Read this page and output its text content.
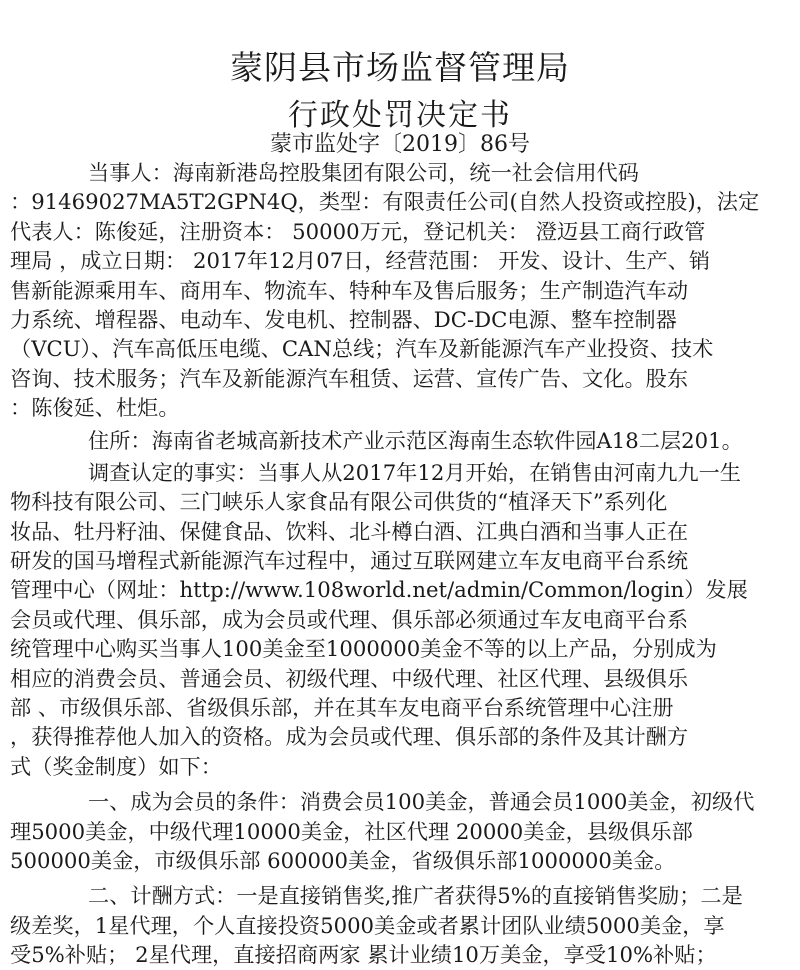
蒙阴县市场监督管理局
行政处罚决定书
蒙市监处字〔2019〕86号
当事人：海南新港岛控股集团有限公司，统一社会信用代码
：91469027MA5T2GPN4Q，类型：有限责任公司(自然人投资或控股)，法定
代表人：陈俊延，注册资本： 50000万元，登记机关： 澄迈县工商行政管
理局 ，成立日期： 2017年12月07日，经营范围： 开发、设计、生产、销
售新能源乘用车、商用车、物流车、特种车及售后服务；生产制造汽车动
力系统、增程器、电动车、发电机、控制器、DC-DC电源、整车控制器
（VCU）、汽车高低压电缆、CAN总线；汽车及新能源汽车产业投资、技术
咨询、技术服务；汽车及新能源汽车租赁、运营、宣传广告、文化。股东
：陈俊延、杜炬。
住所：海南省老城高新技术产业示范区海南生态软件园A18二层201。
调查认定的事实：当事人从2017年12月开始，在销售由河南九九一生
物科技有限公司、三门峡乐人家食品有限公司供货的“植泽天下”系列化
妆品、牡丹籽油、保健食品、饮料、北斗樽白酒、江典白酒和当事人正在
研发的国马增程式新能源汽车过程中，通过互联网建立车友电商平台系统
管理中心（网址：http://www.108world.net/admin/Common/login）发展
会员或代理、俱乐部，成为会员或代理、俱乐部必须通过车友电商平台系
统管理中心购买当事人100美金至1000000美金不等的以上产品，分别成为
相应的消费会员、普通会员、初级代理、中级代理、社区代理、县级俱乐
部 、市级俱乐部、省级俱乐部，并在其车友电商平台系统管理中心注册
，获得推荐他人加入的资格。成为会员或代理、俱乐部的条件及其计酬方
式（奖金制度）如下：
一、成为会员的条件：消费会员100美金，普通会员1000美金，初级代
理5000美金，中级代理10000美金，社区代理 20000美金，县级俱乐部
500000美金，市级俱乐部 600000美金，省级俱乐部1000000美金。
二、计酬方式：一是直接销售奖,推广者获得5%的直接销售奖励；二是
级差奖，1星代理，个人直接投资5000美金或者累计团队业绩5000美金，享
受5%补贴； 2星代理，直接招商两家 累计业绩10万美金，享受10%补贴；
